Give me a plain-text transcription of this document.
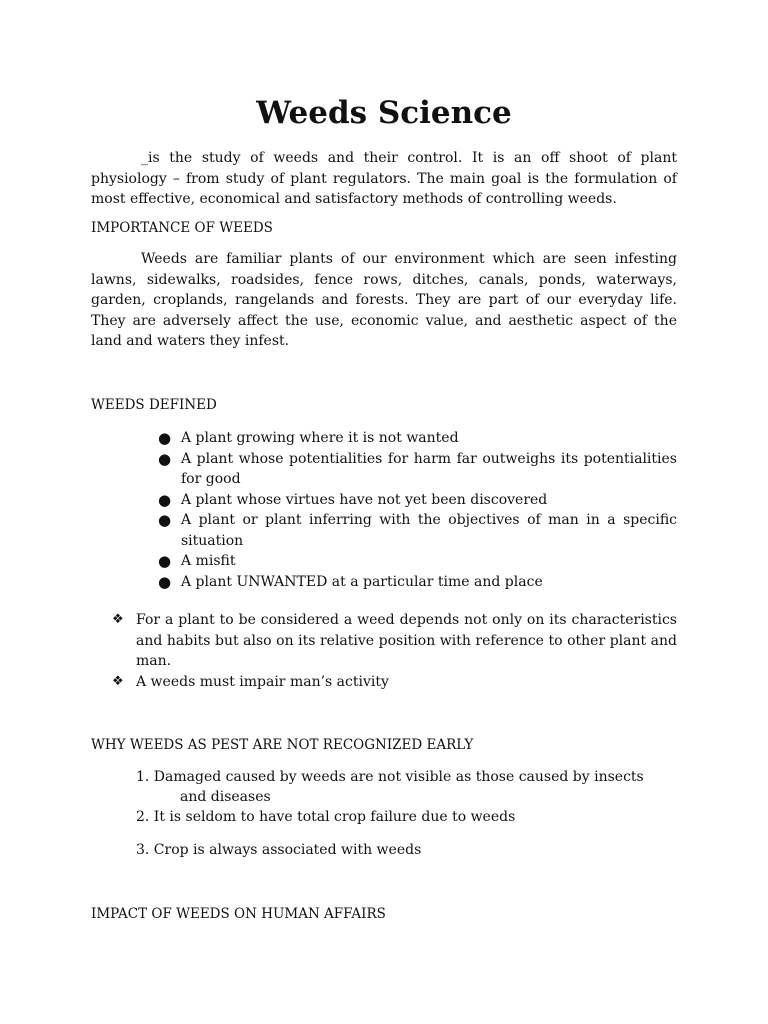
Weeds Science

_is the study of weeds and their control. It is an off shoot of plant physiology – from study of plant regulators. The main goal is the formulation of most effective, economical and satisfactory methods of controlling weeds.

IMPORTANCE OF WEEDS

Weeds are familiar plants of our environment which are seen infesting lawns, sidewalks, roadsides, fence rows, ditches, canals, ponds, waterways, garden, croplands, rangelands and forests. They are part of our everyday life. They are adversely affect the use, economic value, and aesthetic aspect of the land and waters they infest.

WEEDS DEFINED

● A plant growing where it is not wanted
● A plant whose potentialities for harm far outweighs its potentialities for good
● A plant whose virtues have not yet been discovered
● A plant or plant inferring with the objectives of man in a specific situation
● A misfit
● A plant UNWANTED at a particular time and place
❖ For a plant to be considered a weed depends not only on its characteristics and habits but also on its relative position with reference to other plant and man.
❖ A weeds must impair man’s activity

WHY WEEDS AS PEST ARE NOT RECOGNIZED EARLY

1. Damaged caused by weeds are not visible as those caused by insects
and diseases

2. It is seldom to have total crop failure due to weeds

3. Crop is always associated with weeds

IMPACT OF WEEDS ON HUMAN AFFAIRS
